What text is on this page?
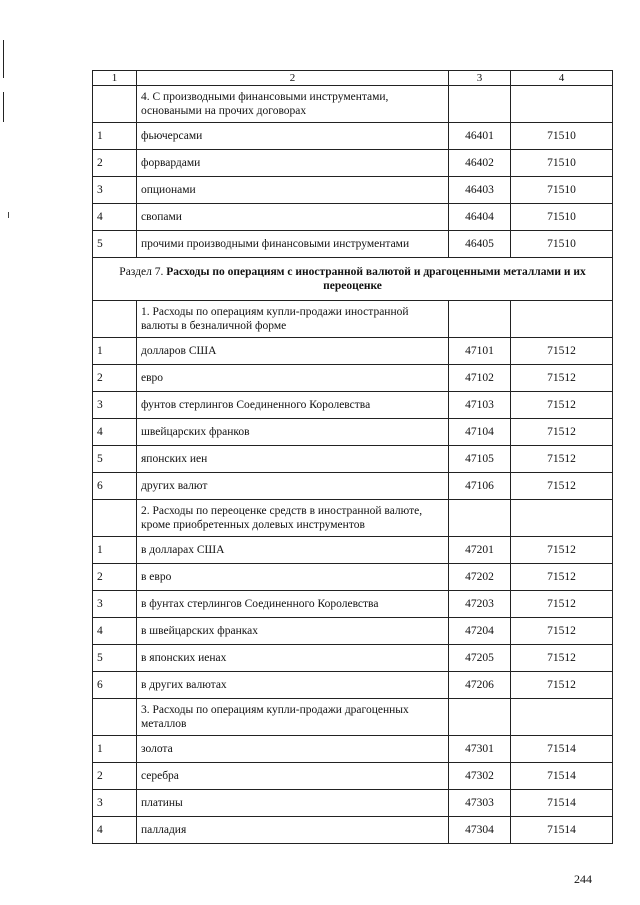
1	2	3	4
	4. С производными финансовыми инструментами, основаными на прочих договорах		
1	фьючерсами	46401	71510
2	форвардами	46402	71510
3	опционами	46403	71510
4	свопами	46404	71510
5	прочими производными финансовыми инструментами	46405	71510
Раздел 7. Расходы по операциям с иностранной валютой и драгоценными металлами и их переоценке			
	1. Расходы по операциям купли-продажи иностранной валюты в безналичной форме		
1	долларов США	47101	71512
2	евро	47102	71512
3	фунтов стерлингов Соединенного Королевства	47103	71512
4	швейцарских франков	47104	71512
5	японских иен	47105	71512
6	других валют	47106	71512
	2. Расходы по переоценке средств в иностранной валюте, кроме приобретенных долевых инструментов		
1	в долларах США	47201	71512
2	в евро	47202	71512
3	в фунтах стерлингов Соединенного Королевства	47203	71512
4	в швейцарских франках	47204	71512
5	в японских иенах	47205	71512
6	в других валютах	47206	71512
	3. Расходы по операциям купли-продажи драгоценных металлов		
1	золота	47301	71514
2	серебра	47302	71514
3	платины	47303	71514
4	палладия	47304	71514
244
